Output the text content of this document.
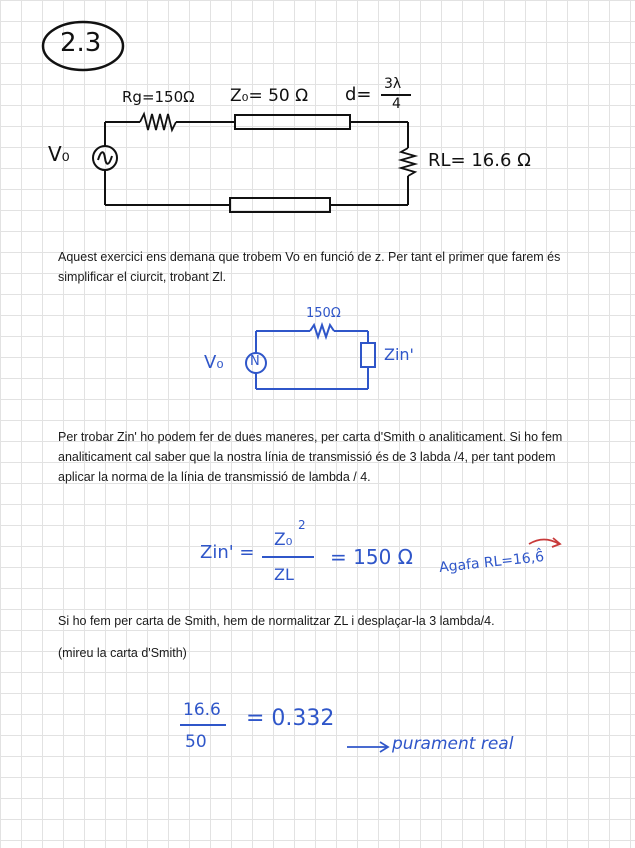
2.3
Rg=150Ω Z₀= 50 Ω d= 3λ
4
V₀	RL= 16.6 Ω
Aquest exercici ens demana que trobem Vo en funció de z. Per tant el primer que farem és simplificar el ciurcit, trobant Zl.
N
150Ω
V₀	Zin'
Per trobar Zin' ho podem fer de dues maneres, per carta d'Smith o analiticament. Si ho fem analiticament cal saber que la nostra línia de transmissió és de 3 labda /4, per tant podem aplicar la norma de la línia de transmissió de lambda / 4.
Zin' =
Z₀
2
ZL
= 150 Ω Agafa RL=16,6̂
Si ho fem per carta de Smith, hem de normalitzar ZL i desplaçar-la 3 lambda/4.
(mireu la carta d'Smith)
16.6
50
= 0.332
purament real
